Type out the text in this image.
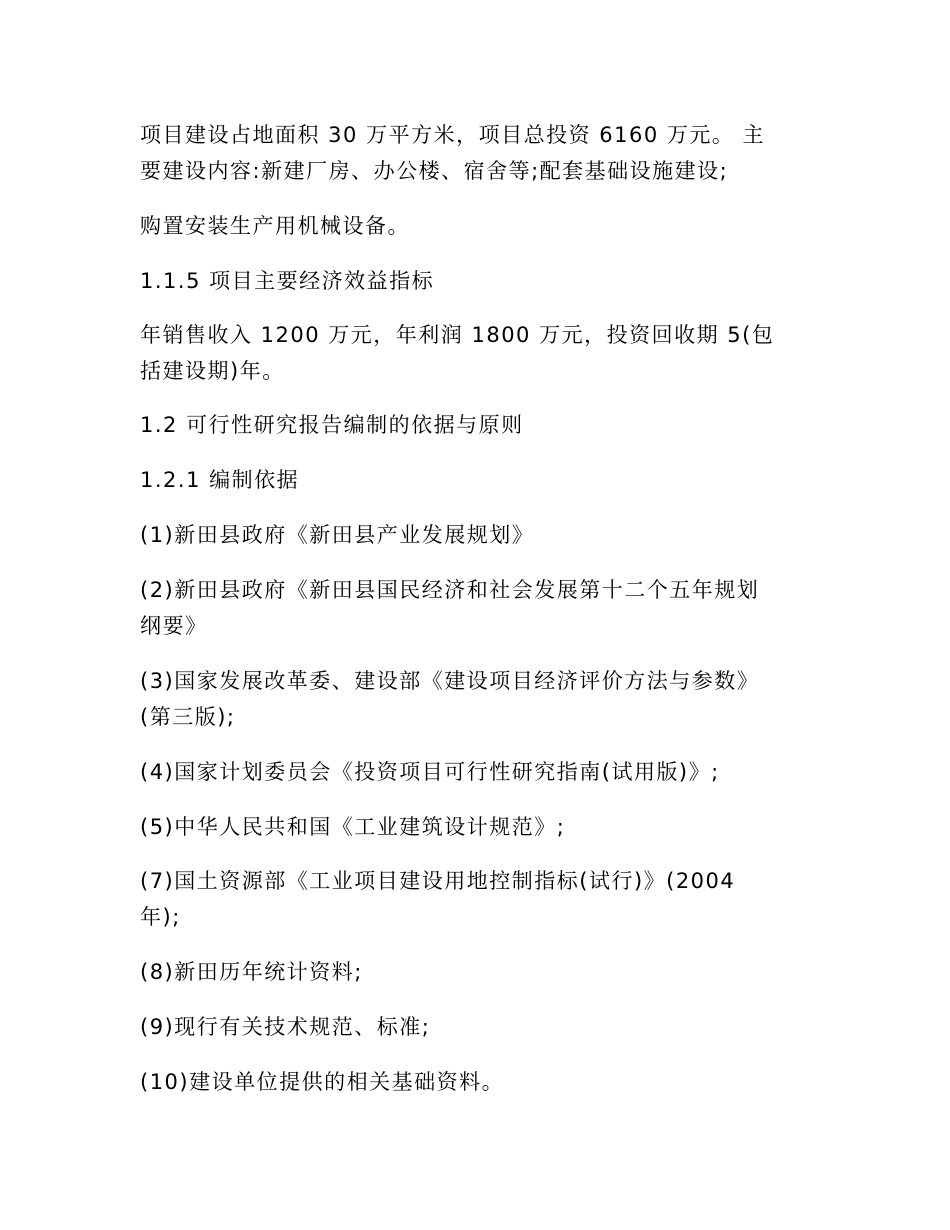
项目建设占地面积 30 万平方米，项目总投资 6160 万元。 主
要建设内容:新建厂房、办公楼、宿舍等;配套基础设施建设;
购置安装生产用机械设备。
1.1.5 项目主要经济效益指标
年销售收入 1200 万元，年利润 1800 万元，投资回收期 5(包
括建设期)年。
1.2 可行性研究报告编制的依据与原则
1.2.1 编制依据
(1)新田县政府《新田县产业发展规划》
(2)新田县政府《新田县国民经济和社会发展第十二个五年规划
纲要》
(3)国家发展改革委、建设部《建设项目经济评价方法与参数》
(第三版);
(4)国家计划委员会《投资项目可行性研究指南(试用版)》;
(5)中华人民共和国《工业建筑设计规范》;
(7)国土资源部《工业项目建设用地控制指标(试行)》(2004
年);
(8)新田历年统计资料;
(9)现行有关技术规范、标准;
(10)建设单位提供的相关基础资料。
